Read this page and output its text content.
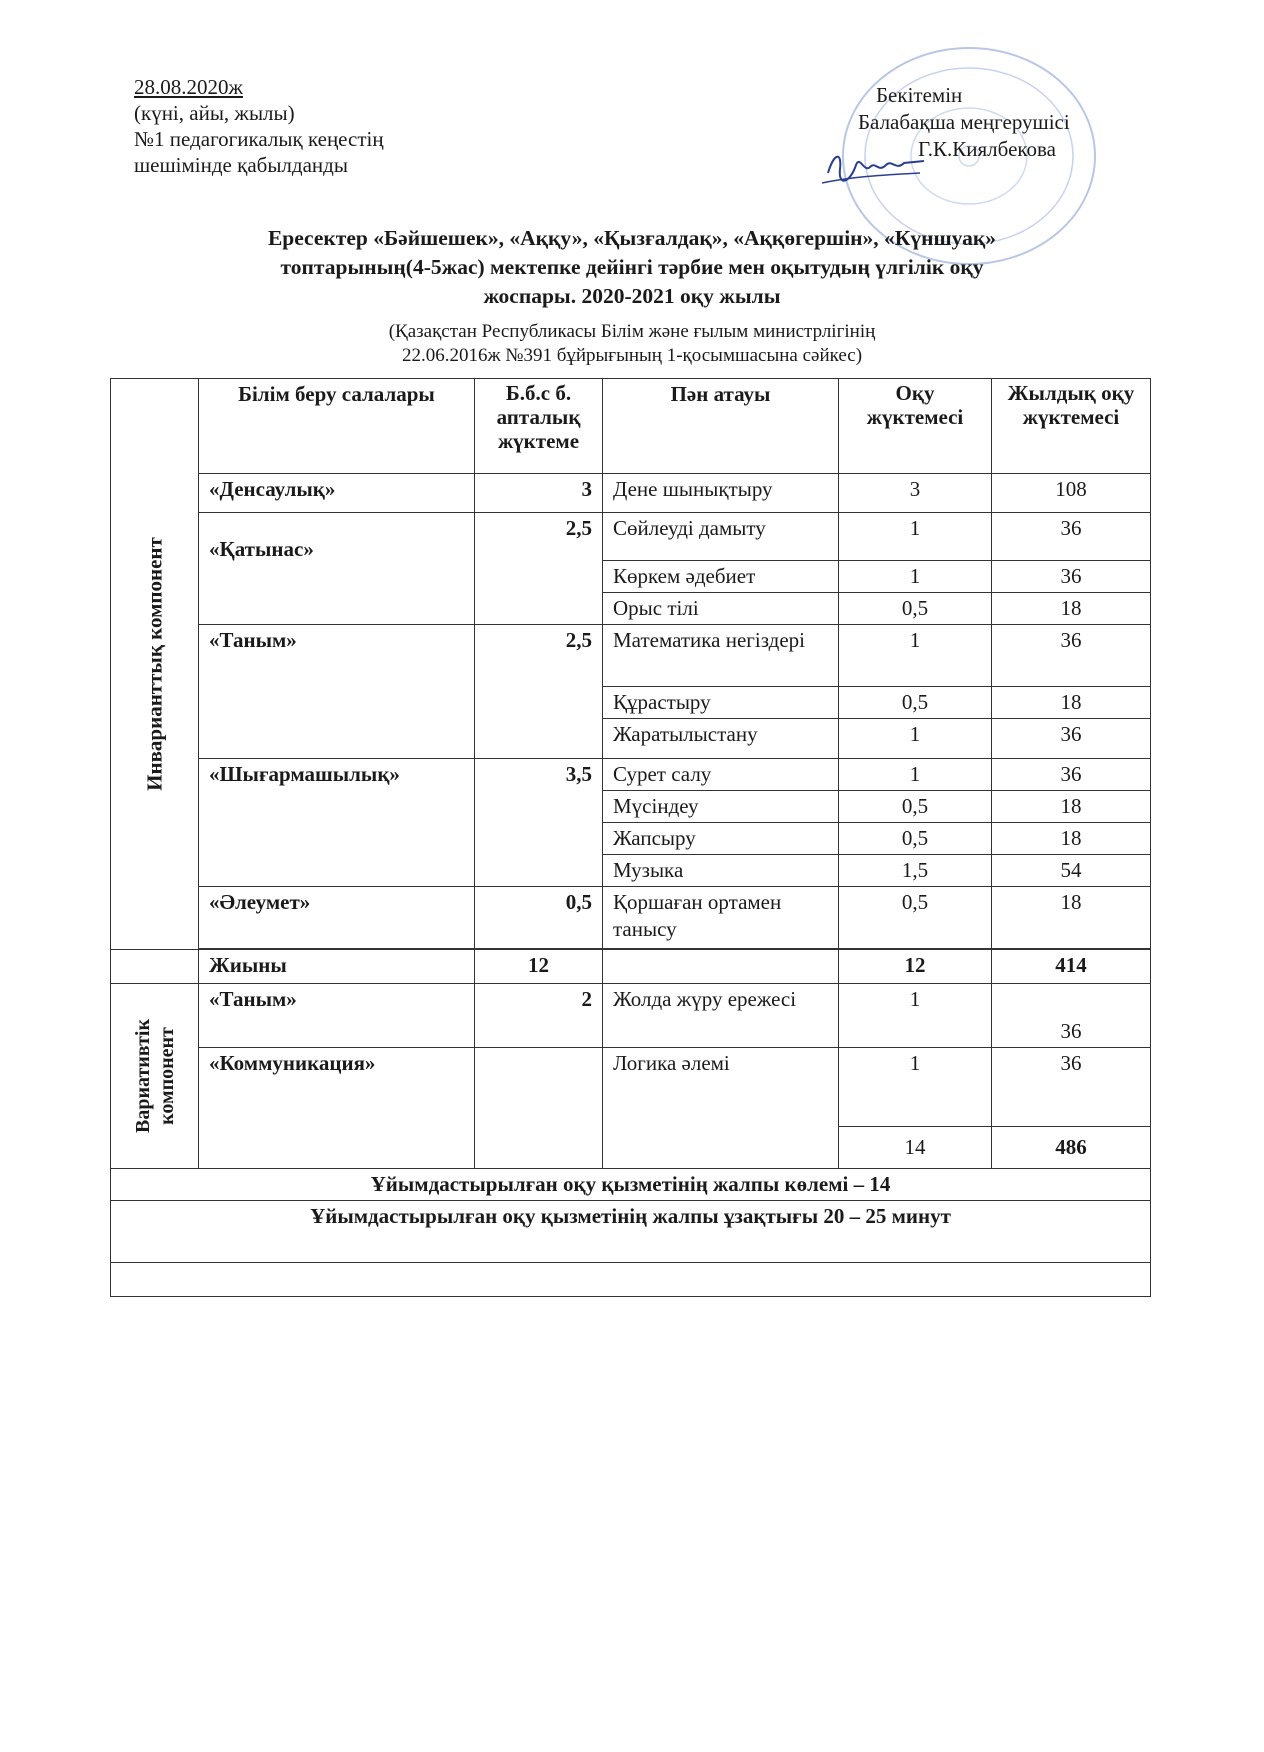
28.08.2020ж
(күні, айы, жылы)
№1 педагогикалық кеңестің
шешімінде қабылданды
Бекітемін
Балабақша меңгерушісі
Г.К.Киялбекова
Ересектер «Бәйшешек», «Аққу», «Қызғалдақ», «Аққөгершін», «Күншуақ»
топтарының(4-5жас) мектепке дейінгі тәрбие мен оқытудың үлгілік оқу
жоспары. 2020-2021 оқу жылы
(Қазақстан Республикасы Білім және ғылым министрлігінің
22.06.2016ж №391 бұйрығының 1-қосымшасына сәйкес)
Инварианттық компонент	Білім беру салалары	Б.б.с б. апталық жүктеме	Пән атауы	Оқу жүктемесі	Жылдық оқу жүктемесі
	«Денсаулық»	3	Дене шынықтыру	3	108
	«Қатынас»	2,5	Сөйлеуді дамыту	1	36
			Көркем әдебиет	1	36
			Орыс тілі	0,5	18
	«Таным»	2,5	Математика негіздері	1	36
			Құрастыру	0,5	18
			Жаратылыстану	1	36
	«Шығармашылық»	3,5	Сурет салу	1	36
			Мүсіндеу	0,5	18
			Жапсыру	0,5	18
			Музыка	1,5	54
	«Әлеумет»	0,5	Қоршаған ортамен танысу	0,5	18

	Жиыны	12		12	414

Вариативтік компонент	«Таным»	2	Жолда жүру ережесі	1	36
	«Коммуникация»		Логика әлемі	1	36
				14	486
Ұйымдастырылған оқу қызметінің жалпы көлемі – 14					
Ұйымдастырылған оқу қызметінің жалпы ұзақтығы 20 – 25 минут					
